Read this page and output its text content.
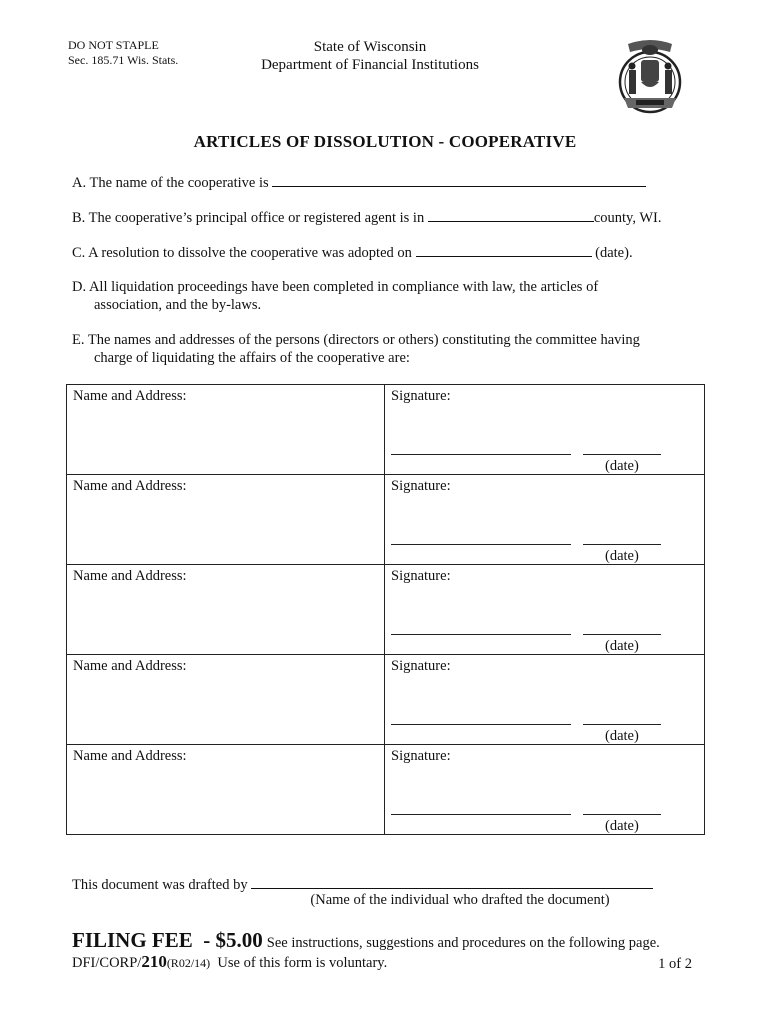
DO NOT STAPLE
Sec. 185.71 Wis. Stats.
State of Wisconsin
Department of Financial Institutions
ARTICLES OF DISSOLUTION - COOPERATIVE
A. The name of the cooperative is
B. The cooperative’s principal office or registered agent is in	county, WI.
C. A resolution to dissolve the cooperative was adopted on	(date).
D. All liquidation proceedings have been completed in compliance with law, the articles of
association, and the by-laws.
E. The names and addresses of the persons (directors or others) constituting the committee having
charge of liquidating the affairs of the cooperative are:
Name and Address:	Signature:
(date)

Name and Address:	Signature:
(date)

Name and Address:	Signature:
(date)

Name and Address:	Signature:
(date)

Name and Address:	Signature:
(date)
This document was drafted by
(Name of the individual who drafted the document)
FILING FEE  - $5.00 See instructions, suggestions and procedures on the following page.
DFI/CORP/210(R02/14) Use of this form is voluntary.	1 of 2
